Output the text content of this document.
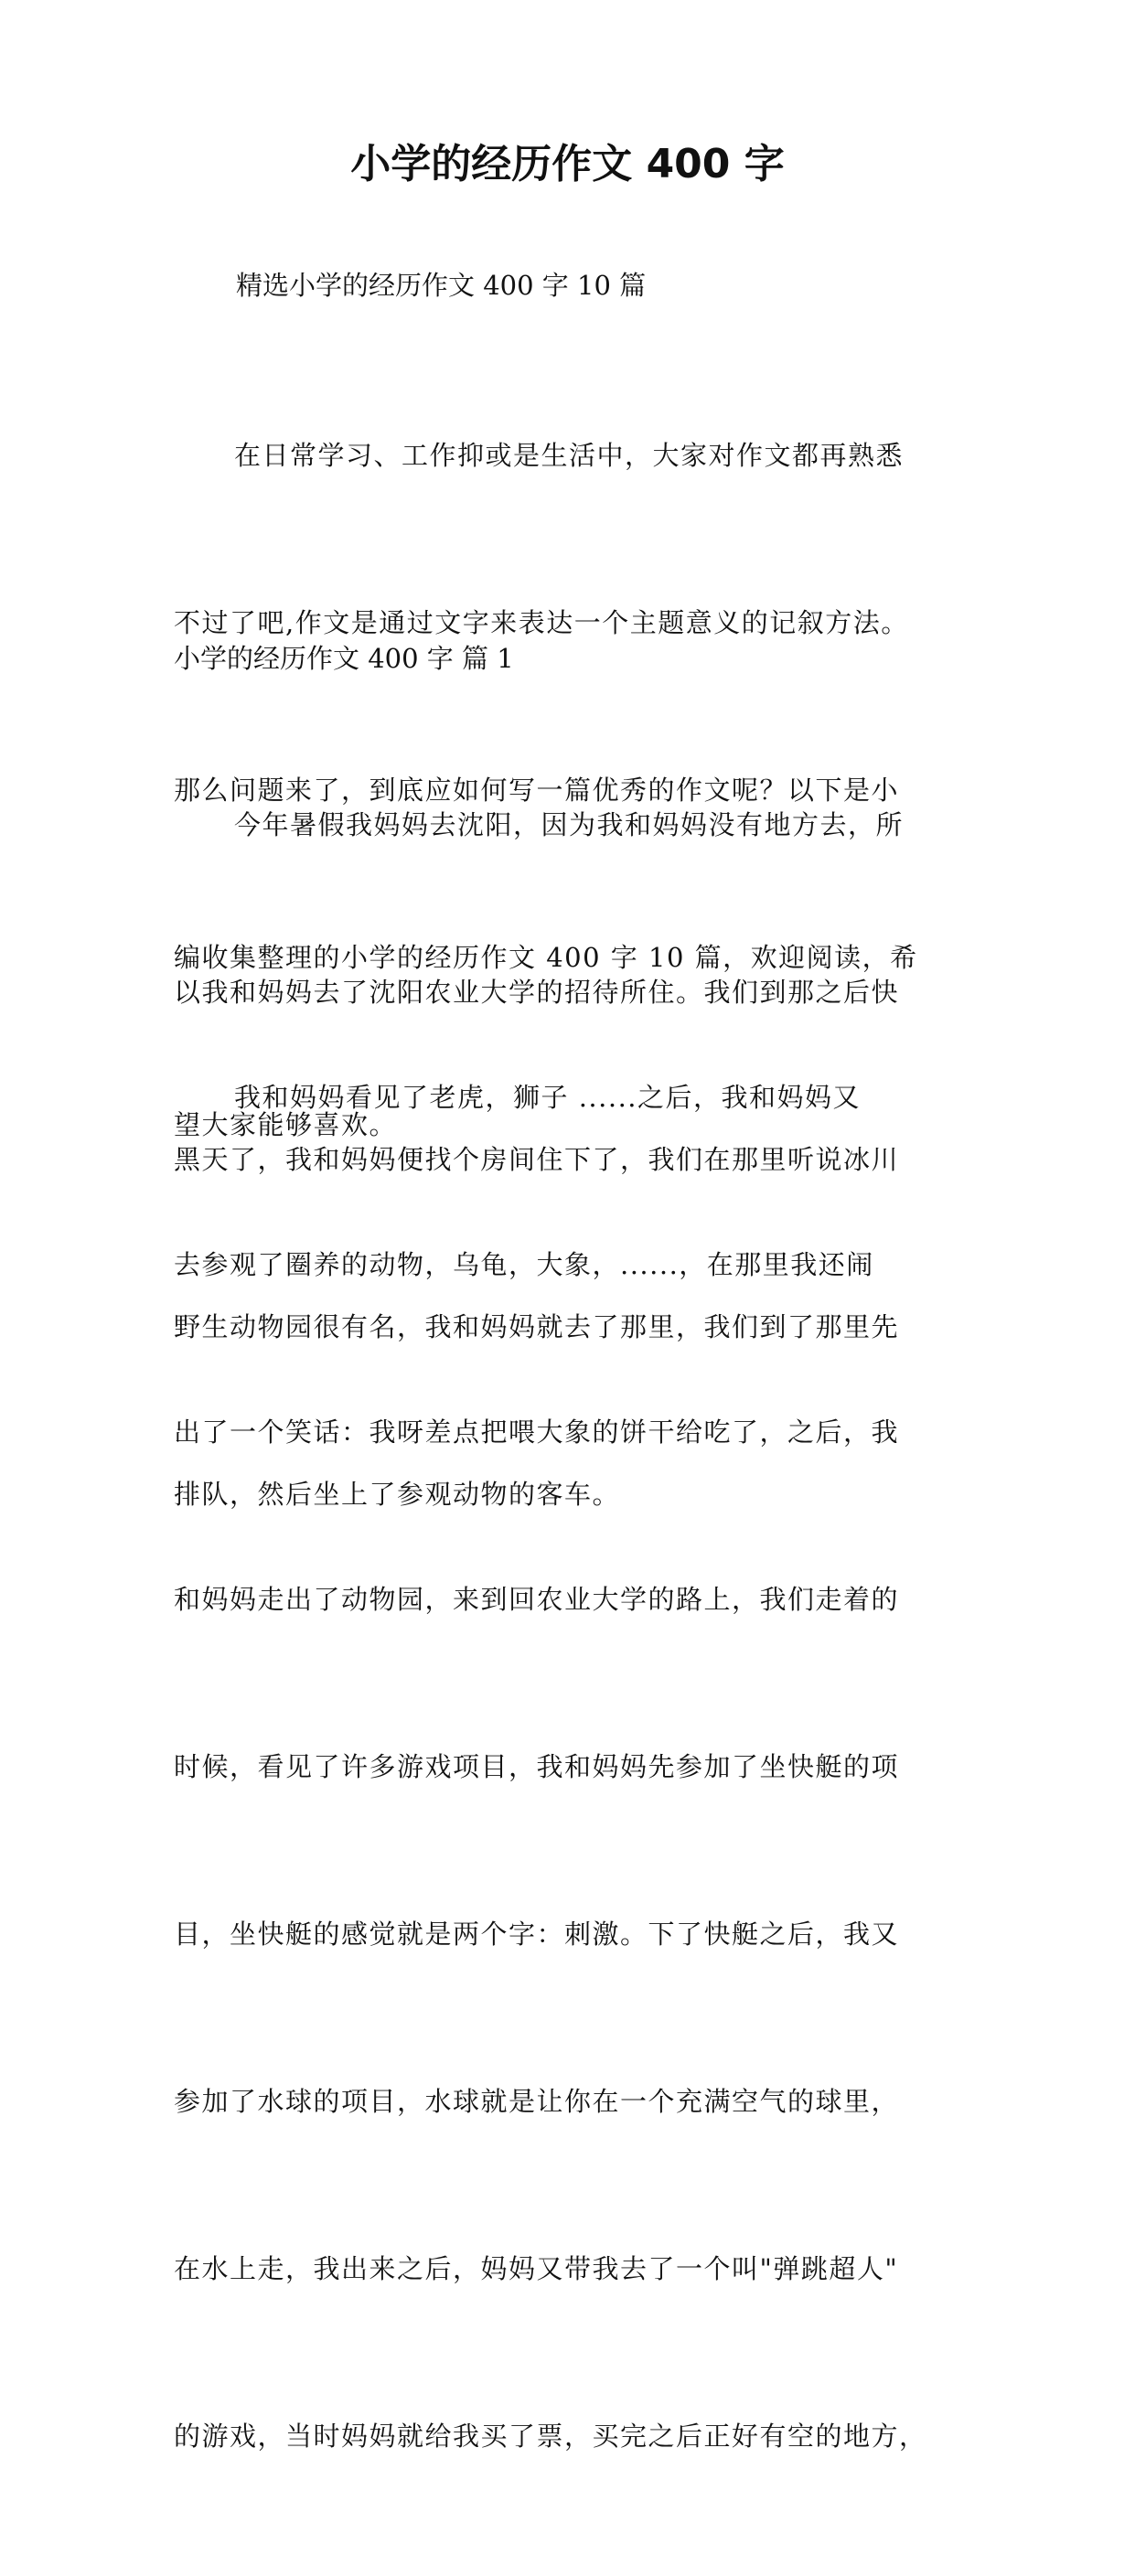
小学的经历作文 400 字

精选小学的经历作文 400 字 10 篇

在日常学习、工作抑或是生活中，大家对作文都再熟悉

不过了吧,作文是通过文字来表达一个主题意义的记叙方法。

那么问题来了，到底应如何写一篇优秀的作文呢？以下是小

编收集整理的小学的经历作文 400 字 10 篇，欢迎阅读，希

望大家能够喜欢。

小学的经历作文 400 字 篇 1

今年暑假我妈妈去沈阳，因为我和妈妈没有地方去，所

以我和妈妈去了沈阳农业大学的招待所住。我们到那之后快

黑天了，我和妈妈便找个房间住下了，我们在那里听说冰川

野生动物园很有名，我和妈妈就去了那里，我们到了那里先

排队，然后坐上了参观动物的客车。

我和妈妈看见了老虎，狮子 ......之后，我和妈妈又

去参观了圈养的动物，乌龟，大象，......，在那里我还闹

出了一个笑话：我呀差点把喂大象的饼干给吃了，之后，我

和妈妈走出了动物园，来到回农业大学的路上，我们走着的

时候，看见了许多游戏项目，我和妈妈先参加了坐快艇的项

目，坐快艇的感觉就是两个字：刺激。下了快艇之后，我又

参加了水球的项目，水球就是让你在一个充满空气的球里，

在水上走，我出来之后，妈妈又带我去了一个叫"弹跳超人"

的游戏，当时妈妈就给我买了票，买完之后正好有空的地方，
